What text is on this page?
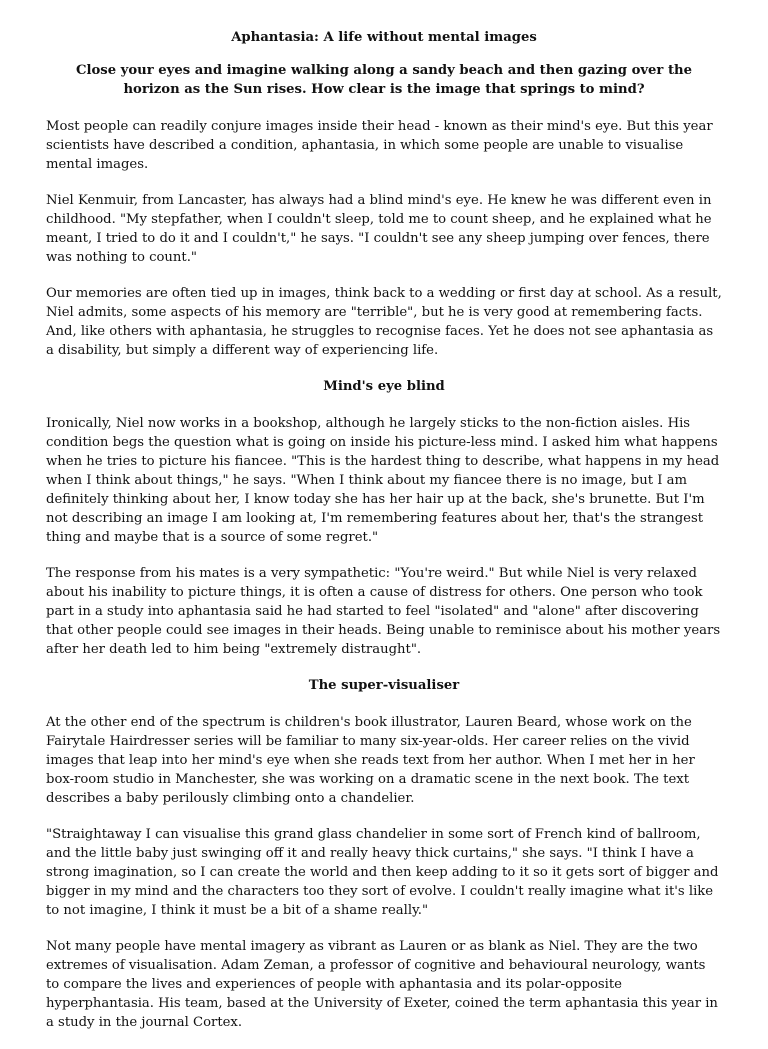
Aphantasia: A life without mental images
Close your eyes and imagine walking along a sandy beach and then gazing over the horizon as the Sun rises. How clear is the image that springs to mind?

Most people can readily conjure images inside their head - known as their mind's eye. But this year scientists have described a condition, aphantasia, in which some people are unable to visualise mental images.

Niel Kenmuir, from Lancaster, has always had a blind mind's eye. He knew he was different even in childhood. "My stepfather, when I couldn't sleep, told me to count sheep, and he explained what he meant, I tried to do it and I couldn't," he says. "I couldn't see any sheep jumping over fences, there was nothing to count."

Our memories are often tied up in images, think back to a wedding or first day at school. As a result, Niel admits, some aspects of his memory are "terrible", but he is very good at remembering facts. And, like others with aphantasia, he struggles to recognise faces. Yet he does not see aphantasia as a disability, but simply a different way of experiencing life.

Mind's eye blind

Ironically, Niel now works in a bookshop, although he largely sticks to the non-fiction aisles. His condition begs the question what is going on inside his picture-less mind. I asked him what happens when he tries to picture his fiancee. "This is the hardest thing to describe, what happens in my head when I think about things," he says. "When I think about my fiancee there is no image, but I am definitely thinking about her, I know today she has her hair up at the back, she's brunette. But I'm not describing an image I am looking at, I'm remembering features about her, that's the strangest thing and maybe that is a source of some regret."

The response from his mates is a very sympathetic: "You're weird." But while Niel is very relaxed about his inability to picture things, it is often a cause of distress for others. One person who took part in a study into aphantasia said he had started to feel "isolated" and "alone" after discovering that other people could see images in their heads. Being unable to reminisce about his mother years after her death led to him being "extremely distraught".

The super-visualiser

At the other end of the spectrum is children's book illustrator, Lauren Beard, whose work on the Fairytale Hairdresser series will be familiar to many six-year-olds. Her career relies on the vivid images that leap into her mind's eye when she reads text from her author. When I met her in her box-room studio in Manchester, she was working on a dramatic scene in the next book. The text describes a baby perilously climbing onto a chandelier.

"Straightaway I can visualise this grand glass chandelier in some sort of French kind of ballroom, and the little baby just swinging off it and really heavy thick curtains," she says. "I think I have a strong imagination, so I can create the world and then keep adding to it so it gets sort of bigger and bigger in my mind and the characters too they sort of evolve. I couldn't really imagine what it's like to not imagine, I think it must be a bit of a shame really."

Not many people have mental imagery as vibrant as Lauren or as blank as Niel. They are the two extremes of visualisation. Adam Zeman, a professor of cognitive and behavioural neurology, wants to compare the lives and experiences of people with aphantasia and its polar-opposite hyperphantasia. His team, based at the University of Exeter, coined the term aphantasia this year in a study in the journal Cortex.
